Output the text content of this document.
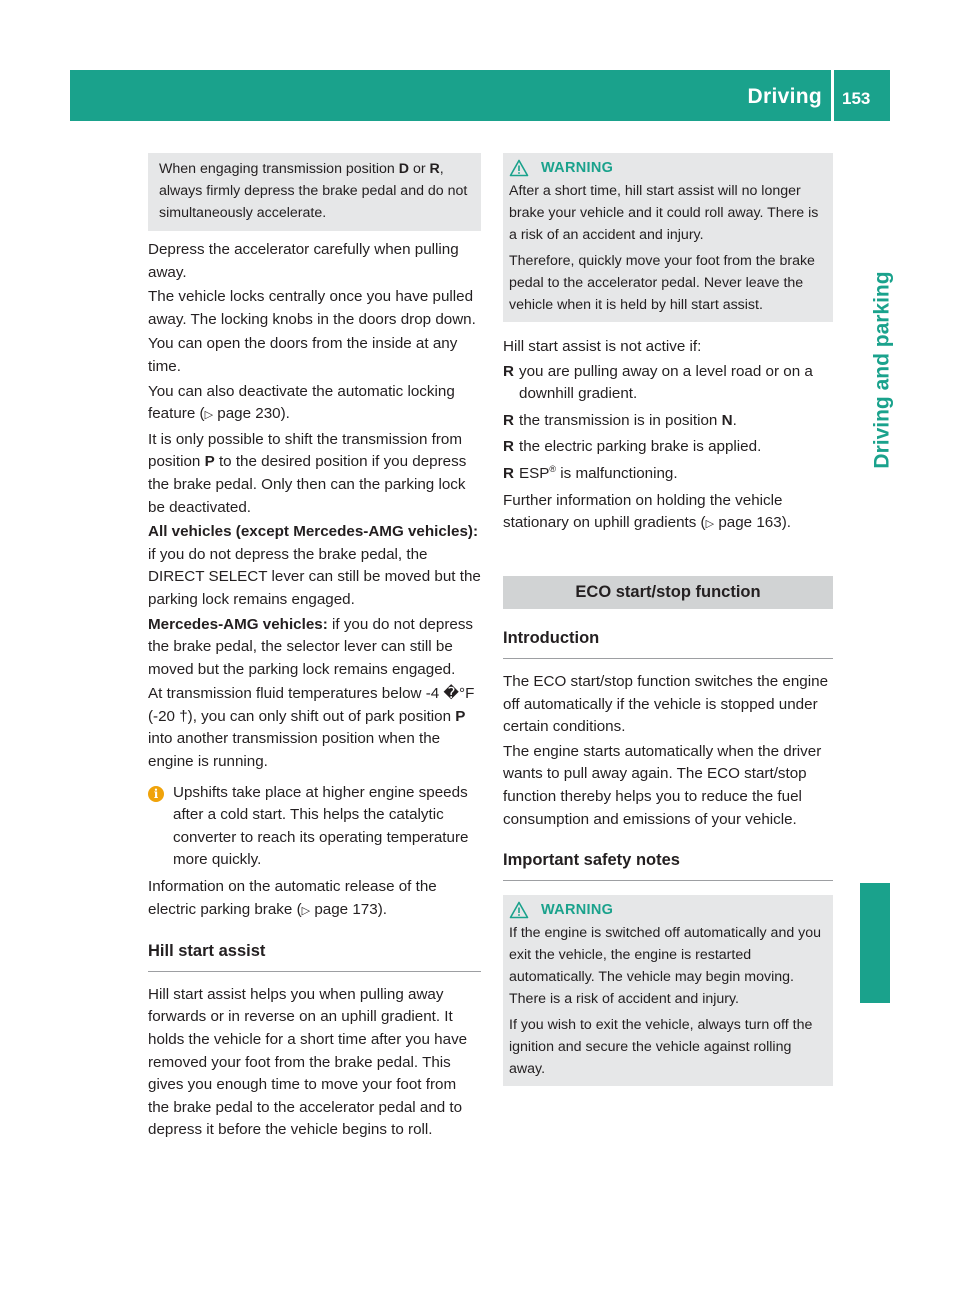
Driving 153
Driving and parking

When engaging transmission position D or R, always firmly depress the brake pedal and do not simultaneously accelerate.

Depress the accelerator carefully when pulling away.

The vehicle locks centrally once you have pulled away. The locking knobs in the doors drop down.

You can open the doors from the inside at any time.

You can also deactivate the automatic locking feature (▷ page 230).

It is only possible to shift the transmission from position P to the desired position if you depress the brake pedal. Only then can the parking lock be deactivated.

All vehicles (except Mercedes-AMG vehicles): if you do not depress the brake pedal, the DIRECT SELECT lever can still be moved but the parking lock remains engaged.

Mercedes-AMG vehicles: if you do not depress the brake pedal, the selector lever can still be moved but the parking lock remains engaged.

At transmission fluid temperatures below -4 �°F (-20 †), you can only shift out of park position P into another transmission position when the engine is running.

i Upshifts take place at higher engine speeds after a cold start. This helps the catalytic converter to reach its operating temperature more quickly.

Information on the automatic release of the electric parking brake (▷ page 173).

Hill start assist

Hill start assist helps you when pulling away forwards or in reverse on an uphill gradient. It holds the vehicle for a short time after you have removed your foot from the brake pedal. This gives you enough time to move your foot from the brake pedal to the accelerator pedal and to depress it before the vehicle begins to roll.

WARNING

After a short time, hill start assist will no longer brake your vehicle and it could roll away. There is a risk of an accident and injury.

Therefore, quickly move your foot from the brake pedal to the accelerator pedal. Never leave the vehicle when it is held by hill start assist.

Hill start assist is not active if:

R you are pulling away on a level road or on a downhill gradient.
R the transmission is in position N.
R the electric parking brake is applied.
R ESP® is malfunctioning.

Further information on holding the vehicle stationary on uphill gradients (▷ page 163).

ECO start/stop function
Introduction

The ECO start/stop function switches the engine off automatically if the vehicle is stopped under certain conditions.

The engine starts automatically when the driver wants to pull away again. The ECO start/stop function thereby helps you to reduce the fuel consumption and emissions of your vehicle.

Important safety notes
WARNING

If the engine is switched off automatically and you exit the vehicle, the engine is restarted automatically. The vehicle may begin moving. There is a risk of accident and injury.

If you wish to exit the vehicle, always turn off the ignition and secure the vehicle against rolling away.
